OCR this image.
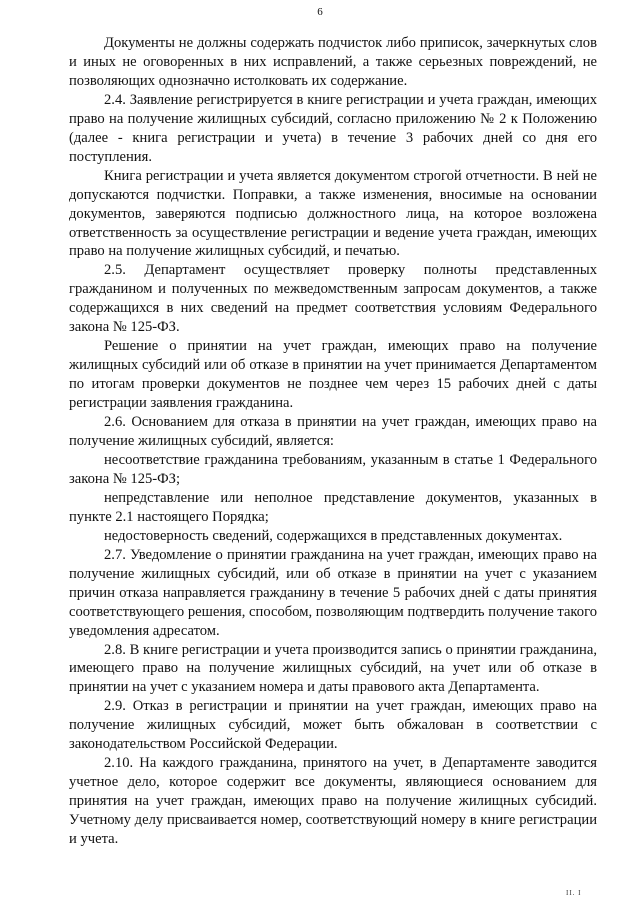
6

Документы не должны содержать подчисток либо приписок, зачеркнутых слов и иных не оговоренных в них исправлений, а также серьезных повреждений, не позволяющих однозначно истолковать их содержание.

2.4. Заявление регистрируется в книге регистрации и учета граждан, имеющих право на получение жилищных субсидий, согласно приложению № 2 к Положению (далее - книга регистрации и учета) в течение 3 рабочих дней со дня его поступления.

Книга регистрации и учета является документом строгой отчетности. В ней не допускаются подчистки. Поправки, а также изменения, вносимые на основании документов, заверяются подписью должностного лица, на которое возложена ответственность за осуществление регистрации и ведение учета граждан, имеющих право на получение жилищных субсидий, и печатью.

2.5. Департамент осуществляет проверку полноты представленных гражданином и полученных по межведомственным запросам документов, а также содержащихся в них сведений на предмет соответствия условиям Федерального закона № 125-ФЗ.

Решение о принятии на учет граждан, имеющих право на получение жилищных субсидий или об отказе в принятии на учет принимается Департаментом по итогам проверки документов не позднее чем через 15 рабочих дней с даты регистрации заявления гражданина.

2.6. Основанием для отказа в принятии на учет граждан, имеющих право на получение жилищных субсидий, является:

несоответствие гражданина требованиям, указанным в статье 1 Федерального закона № 125-ФЗ;

непредставление или неполное представление документов, указанных в пункте 2.1 настоящего Порядка;

недостоверность сведений, содержащихся в представленных документах.

2.7. Уведомление о принятии гражданина на учет граждан, имеющих право на получение жилищных субсидий, или об отказе в принятии на учет с указанием причин отказа направляется гражданину в течение 5 рабочих дней с даты принятия соответствующего решения, способом, позволяющим подтвердить получение такого уведомления адресатом.

2.8. В книге регистрации и учета производится запись о принятии гражданина, имеющего право на получение жилищных субсидий, на учет или об отказе в принятии на учет с указанием номера и даты правового акта Департамента.

2.9. Отказ в регистрации и принятии на учет граждан, имеющих право на получение жилищных субсидий, может быть обжалован в соответствии с законодательством Российской Федерации.

2.10. На каждого гражданина, принятого на учет, в Департаменте заводится учетное дело, которое содержит все документы, являющиеся основанием для принятия на учет граждан, имеющих право на получение жилищных субсидий. Учетному делу присваивается номер, соответствующий номеру в книге регистрации и учета.

II. I
